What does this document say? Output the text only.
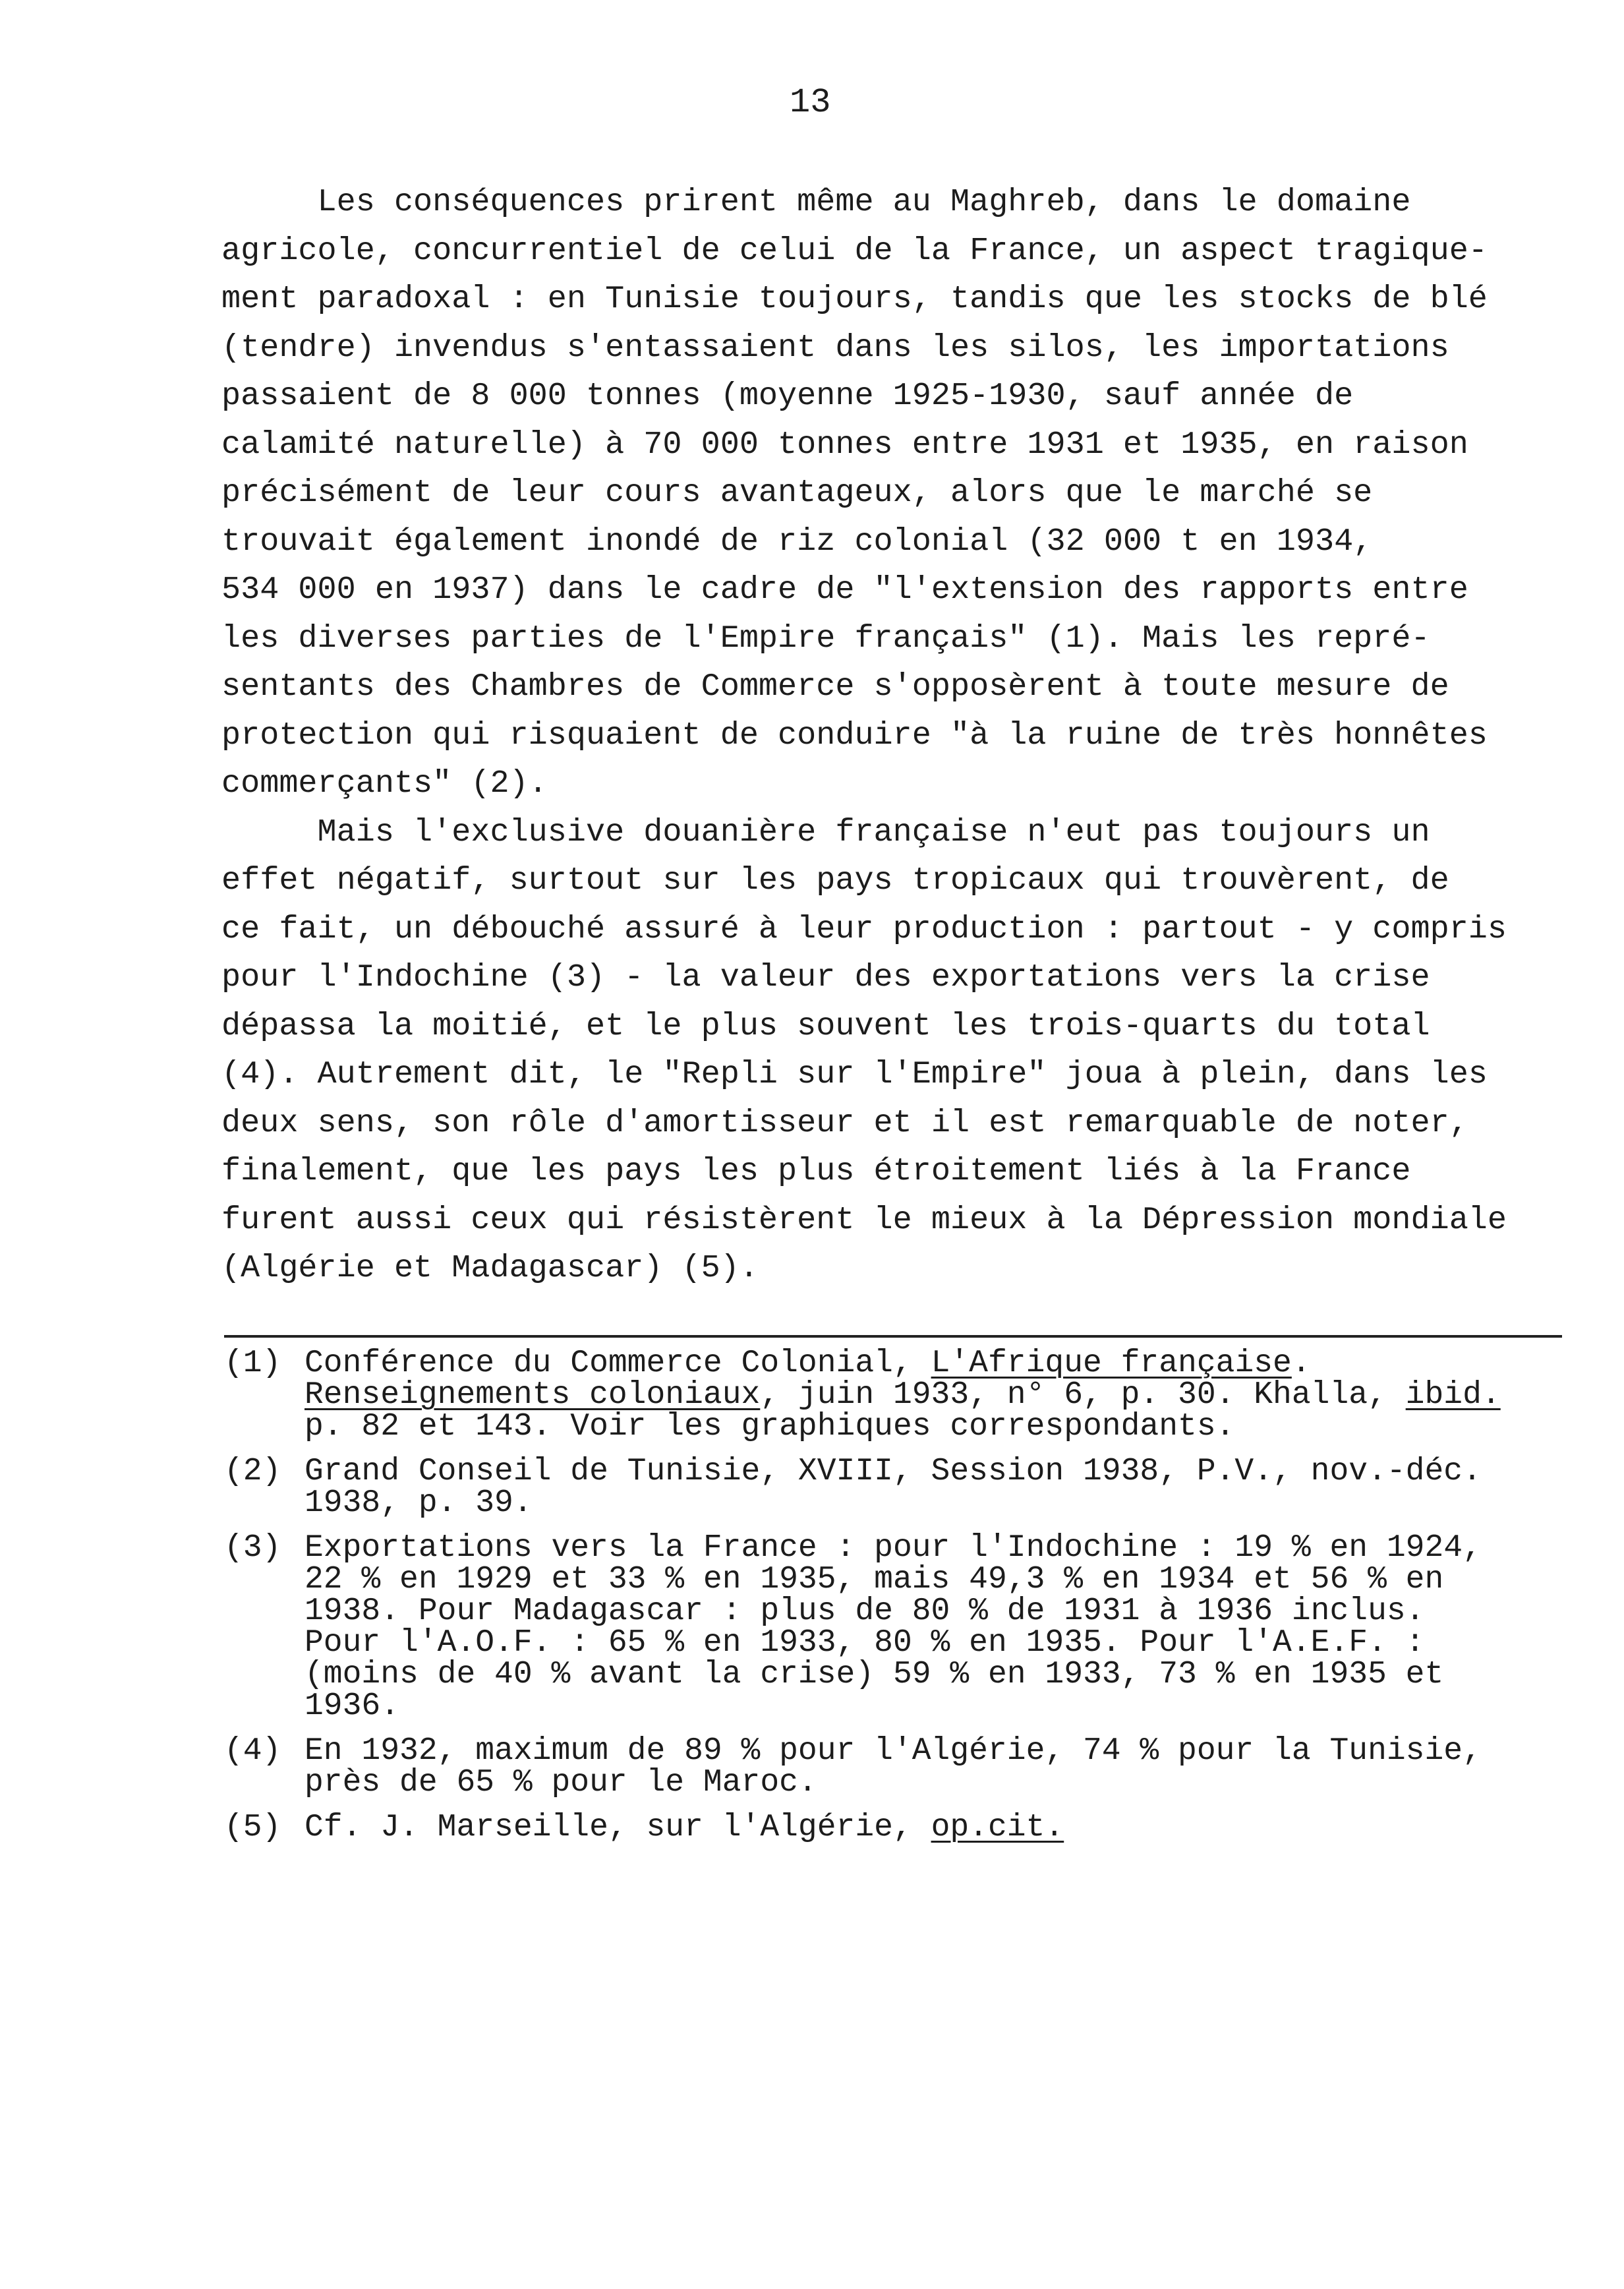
13
Les conséquences prirent même au Maghreb, dans le domaine
agricole, concurrentiel de celui de la France, un aspect tragique-
ment paradoxal : en Tunisie toujours, tandis que les stocks de blé
(tendre) invendus s'entassaient dans les silos, les importations
passaient de 8 000 tonnes (moyenne 1925-1930, sauf année de
calamité naturelle) à 70 000 tonnes entre 1931 et 1935, en raison
précisément de leur cours avantageux, alors que le marché se
trouvait également inondé de riz colonial (32 000 t en 1934,
534 000 en 1937) dans le cadre de "l'extension des rapports entre
les diverses parties de l'Empire français" (1). Mais les repré-
sentants des Chambres de Commerce s'opposèrent à toute mesure de
protection qui risquaient de conduire "à la ruine de très honnêtes
commerçants" (2).
Mais l'exclusive douanière française n'eut pas toujours un
effet négatif, surtout sur les pays tropicaux qui trouvèrent, de
ce fait, un débouché assuré à leur production : partout - y compris
pour l'Indochine (3) - la valeur des exportations vers la crise
dépassa la moitié, et le plus souvent les trois-quarts du total
(4). Autrement dit, le "Repli sur l'Empire" joua à plein, dans les
deux sens, son rôle d'amortisseur et il est remarquable de noter,
finalement, que les pays les plus étroitement liés à la France
furent aussi ceux qui résistèrent le mieux à la Dépression mondiale
(Algérie et Madagascar) (5).
(1) Conférence du Commerce Colonial, L'Afrique française.
Renseignements coloniaux, juin 1933, n° 6, p. 30. Khalla, ibid.
p. 82 et 143. Voir les graphiques correspondants.
(2) Grand Conseil de Tunisie, XVIII, Session 1938, P.V., nov.-déc.
1938, p. 39.
(3) Exportations vers la France : pour l'Indochine : 19 % en 1924,
22 % en 1929 et 33 % en 1935, mais 49,3 % en 1934 et 56 % en
1938. Pour Madagascar : plus de 80 % de 1931 à 1936 inclus.
Pour l'A.O.F. : 65 % en 1933, 80 % en 1935. Pour l'A.E.F. :
(moins de 40 % avant la crise) 59 % en 1933, 73 % en 1935 et
1936.
(4) En 1932, maximum de 89 % pour l'Algérie, 74 % pour la Tunisie,
près de 65 % pour le Maroc.
(5) Cf. J. Marseille, sur l'Algérie, op.cit.
